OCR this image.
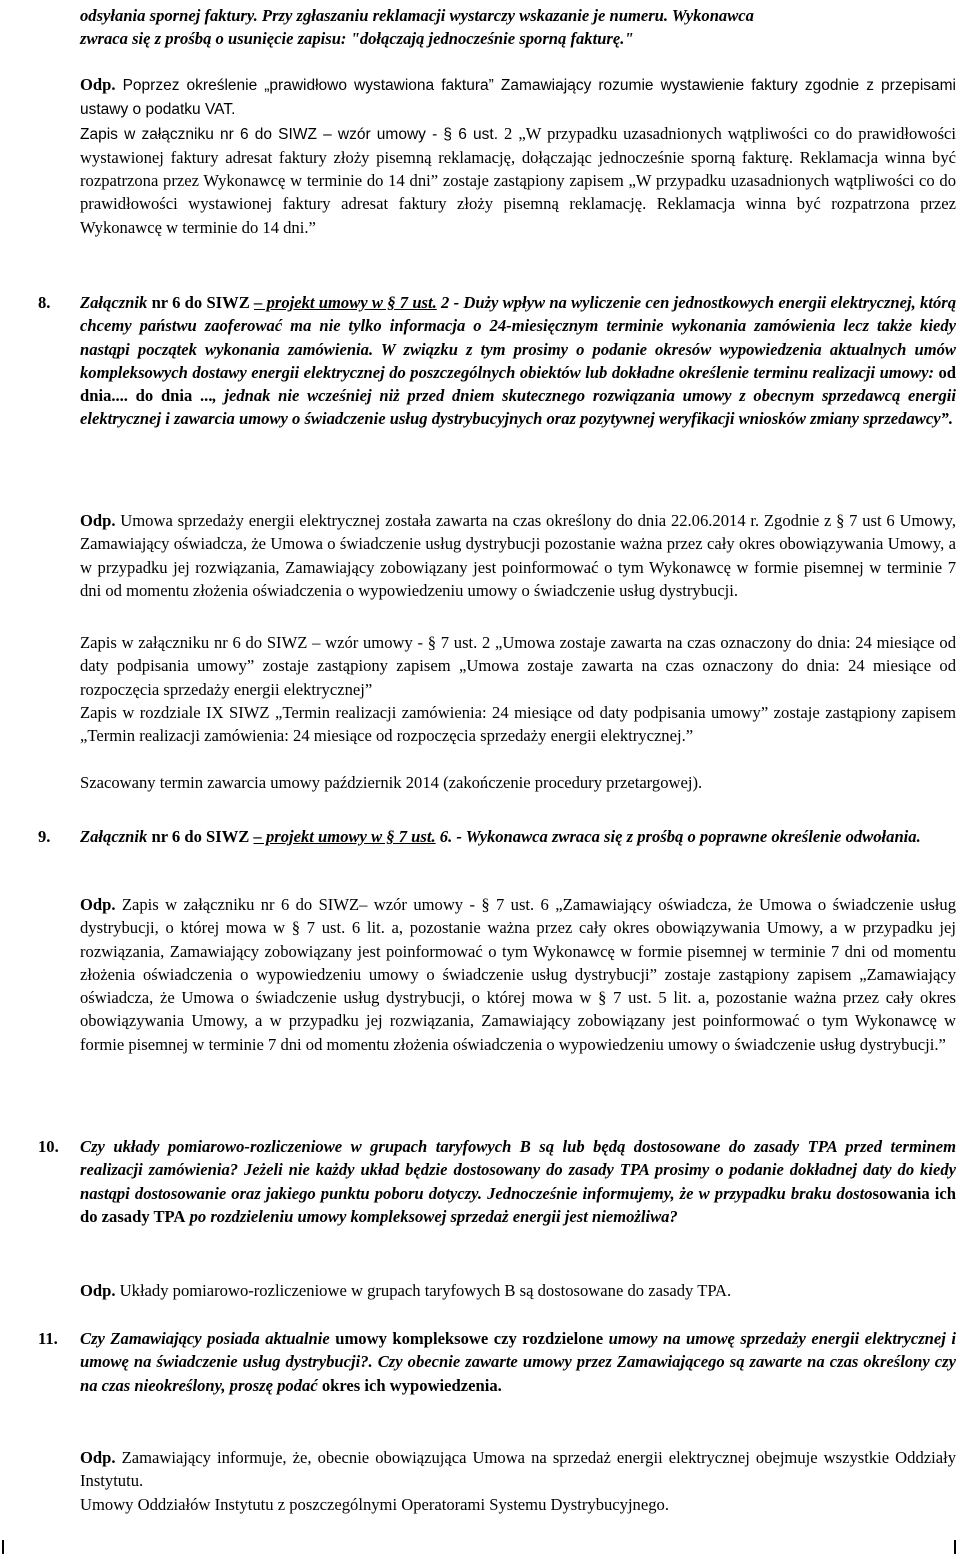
odsyłania spornej faktury. Przy zgłaszaniu reklamacji wystarczy wskazanie je numeru. Wykonawca
zwraca się z prośbą o usunięcie zapisu: "dołączają jednocześnie sporną fakturę."

Odp. Poprzez określenie „prawidłowo wystawiona faktura” Zamawiający rozumie wystawienie faktury zgodnie z przepisami ustawy o podatku VAT.
Zapis w załączniku nr 6 do SIWZ – wzór umowy - § 6 ust. 2 „W przypadku uzasadnionych wątpliwości co do prawidłowości wystawionej faktury adresat faktury złoży pisemną reklamację, dołączając jednocześnie sporną fakturę. Reklamacja winna być rozpatrzona przez Wykonawcę w terminie do 14 dni” zostaje zastąpiony zapisem „W przypadku uzasadnionych wątpliwości co do prawidłowości wystawionej faktury adresat faktury złoży pisemną reklamację. Reklamacja winna być rozpatrzona przez Wykonawcę w terminie do 14 dni.”

8.	Załącznik nr 6 do SIWZ – projekt umowy w § 7 ust. 2 - Duży wpływ na wyliczenie cen jednostkowych energii elektrycznej, którą chcemy państwu zaoferować ma nie tylko informacja o 24-miesięcznym terminie wykonania zamówienia lecz także kiedy nastąpi początek wykonania zamówienia. W związku z tym prosimy o podanie okresów wypowiedzenia aktualnych umów kompleksowych dostawy energii elektrycznej do poszczególnych obiektów lub dokładne określenie terminu realizacji umowy: od dnia.... do dnia ..., jednak nie wcześniej niż przed dniem skutecznego rozwiązania umowy z obecnym sprzedawcą energii elektrycznej i zawarcia umowy o świadczenie usług dystrybucyjnych oraz pozytywnej weryfikacji wniosków zmiany sprzedawcy”.

Odp. Umowa sprzedaży energii elektrycznej została zawarta na czas określony do dnia 22.06.2014 r. Zgodnie z § 7 ust 6 Umowy, Zamawiający oświadcza, że Umowa o świadczenie usług dystrybucji pozostanie ważna przez cały okres obowiązywania Umowy, a w przypadku jej rozwiązania, Zamawiający zobowiązany jest poinformować o tym Wykonawcę w formie pisemnej w terminie 7 dni od momentu złożenia oświadczenia o wypowiedzeniu umowy o świadczenie usług dystrybucji.

Zapis w załączniku nr 6 do SIWZ – wzór umowy - § 7 ust. 2 „Umowa zostaje zawarta na czas oznaczony do dnia: 24 miesiące od daty podpisania umowy” zostaje zastąpiony zapisem „Umowa zostaje zawarta na czas oznaczony do dnia: 24 miesiące od rozpoczęcia sprzedaży energii elektrycznej”

Zapis w rozdziale IX SIWZ „Termin realizacji zamówienia: 24 miesiące od daty podpisania umowy” zostaje zastąpiony zapisem „Termin realizacji zamówienia: 24 miesiące od rozpoczęcia sprzedaży energii elektrycznej.”

Szacowany termin zawarcia umowy październik 2014 (zakończenie procedury przetargowej).

9.	Załącznik nr 6 do SIWZ – projekt umowy w § 7 ust. 6. - Wykonawca zwraca się z prośbą o poprawne określenie odwołania.

Odp. Zapis w załączniku nr 6 do SIWZ– wzór umowy - § 7 ust. 6 „Zamawiający oświadcza, że Umowa o świadczenie usług dystrybucji, o której mowa w § 7 ust. 6 lit. a, pozostanie ważna przez cały okres obowiązywania Umowy, a w przypadku jej rozwiązania, Zamawiający zobowiązany jest poinformować o tym Wykonawcę w formie pisemnej w terminie 7 dni od momentu złożenia oświadczenia o wypowiedzeniu umowy o świadczenie usług dystrybucji” zostaje zastąpiony zapisem „Zamawiający oświadcza, że Umowa o świadczenie usług dystrybucji, o której mowa w § 7 ust. 5 lit. a, pozostanie ważna przez cały okres obowiązywania Umowy, a w przypadku jej rozwiązania, Zamawiający zobowiązany jest poinformować o tym Wykonawcę w formie pisemnej w terminie 7 dni od momentu złożenia oświadczenia o wypowiedzeniu umowy o świadczenie usług dystrybucji.”

10.	Czy układy pomiarowo-rozliczeniowe w grupach taryfowych B są lub będą dostosowane do zasady TPA przed terminem realizacji zamówienia? Jeżeli nie każdy układ będzie dostosowany do zasady TPA prosimy o podanie dokładnej daty do kiedy nastąpi dostosowanie oraz jakiego punktu poboru dotyczy. Jednocześnie informujemy, że w przypadku braku dostosowania ich do zasady TPA po rozdzieleniu umowy kompleksowej sprzedaż energii jest niemożliwa?

Odp. Układy pomiarowo-rozliczeniowe w grupach taryfowych B są dostosowane do zasady TPA.

11.	Czy Zamawiający posiada aktualnie umowy kompleksowe czy rozdzielone umowy na umowę sprzedaży energii elektrycznej i umowę na świadczenie usług dystrybucji?. Czy obecnie zawarte umowy przez Zamawiającego są zawarte na czas określony czy na czas nieokreślony, proszę podać okres ich wypowiedzenia.

Odp. Zamawiający informuje, że, obecnie obowiązująca Umowa na sprzedaż energii elektrycznej obejmuje wszystkie Oddziały Instytutu.

Umowy Oddziałów Instytutu z poszczególnymi Operatorami Systemu Dystrybucyjnego.
